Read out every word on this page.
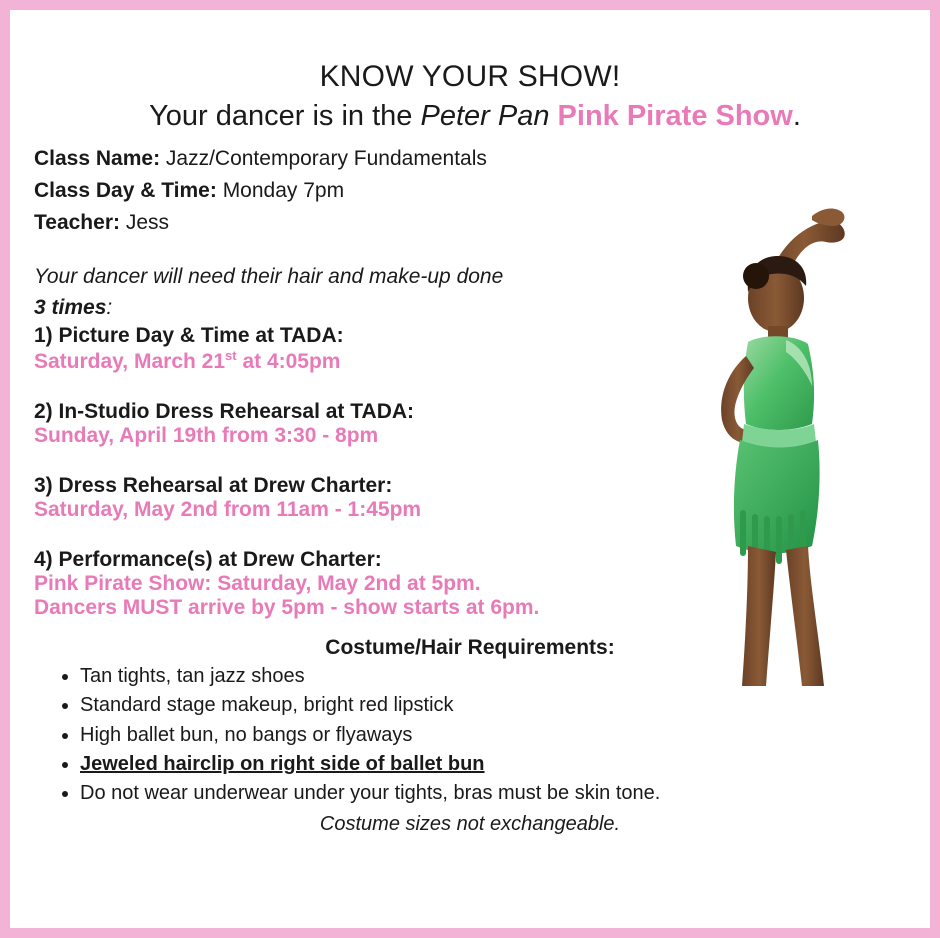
KNOW YOUR SHOW!
Your dancer is in the Peter Pan Pink Pirate Show.
Class Name: Jazz/Contemporary Fundamentals
Class Day & Time: Monday 7pm
Teacher: Jess
Your dancer will need their hair and make-up done 3 times:
1) Picture Day & Time at TADA:
Saturday, March 21st at 4:05pm
2) In-Studio Dress Rehearsal at TADA:
Sunday, April 19th from 3:30 - 8pm
3) Dress Rehearsal at Drew Charter:
Saturday, May 2nd from 11am - 1:45pm
4) Performance(s) at Drew Charter:
Pink Pirate Show: Saturday, May 2nd at 5pm.
Dancers MUST arrive by 5pm - show starts at 6pm.
Costume/Hair Requirements:
• Tan tights, tan jazz shoes
• Standard stage makeup, bright red lipstick
• High ballet bun, no bangs or flyaways
• Jeweled hairclip on right side of ballet bun
• Do not wear underwear under your tights, bras must be skin tone.
Costume sizes not exchangeable.
